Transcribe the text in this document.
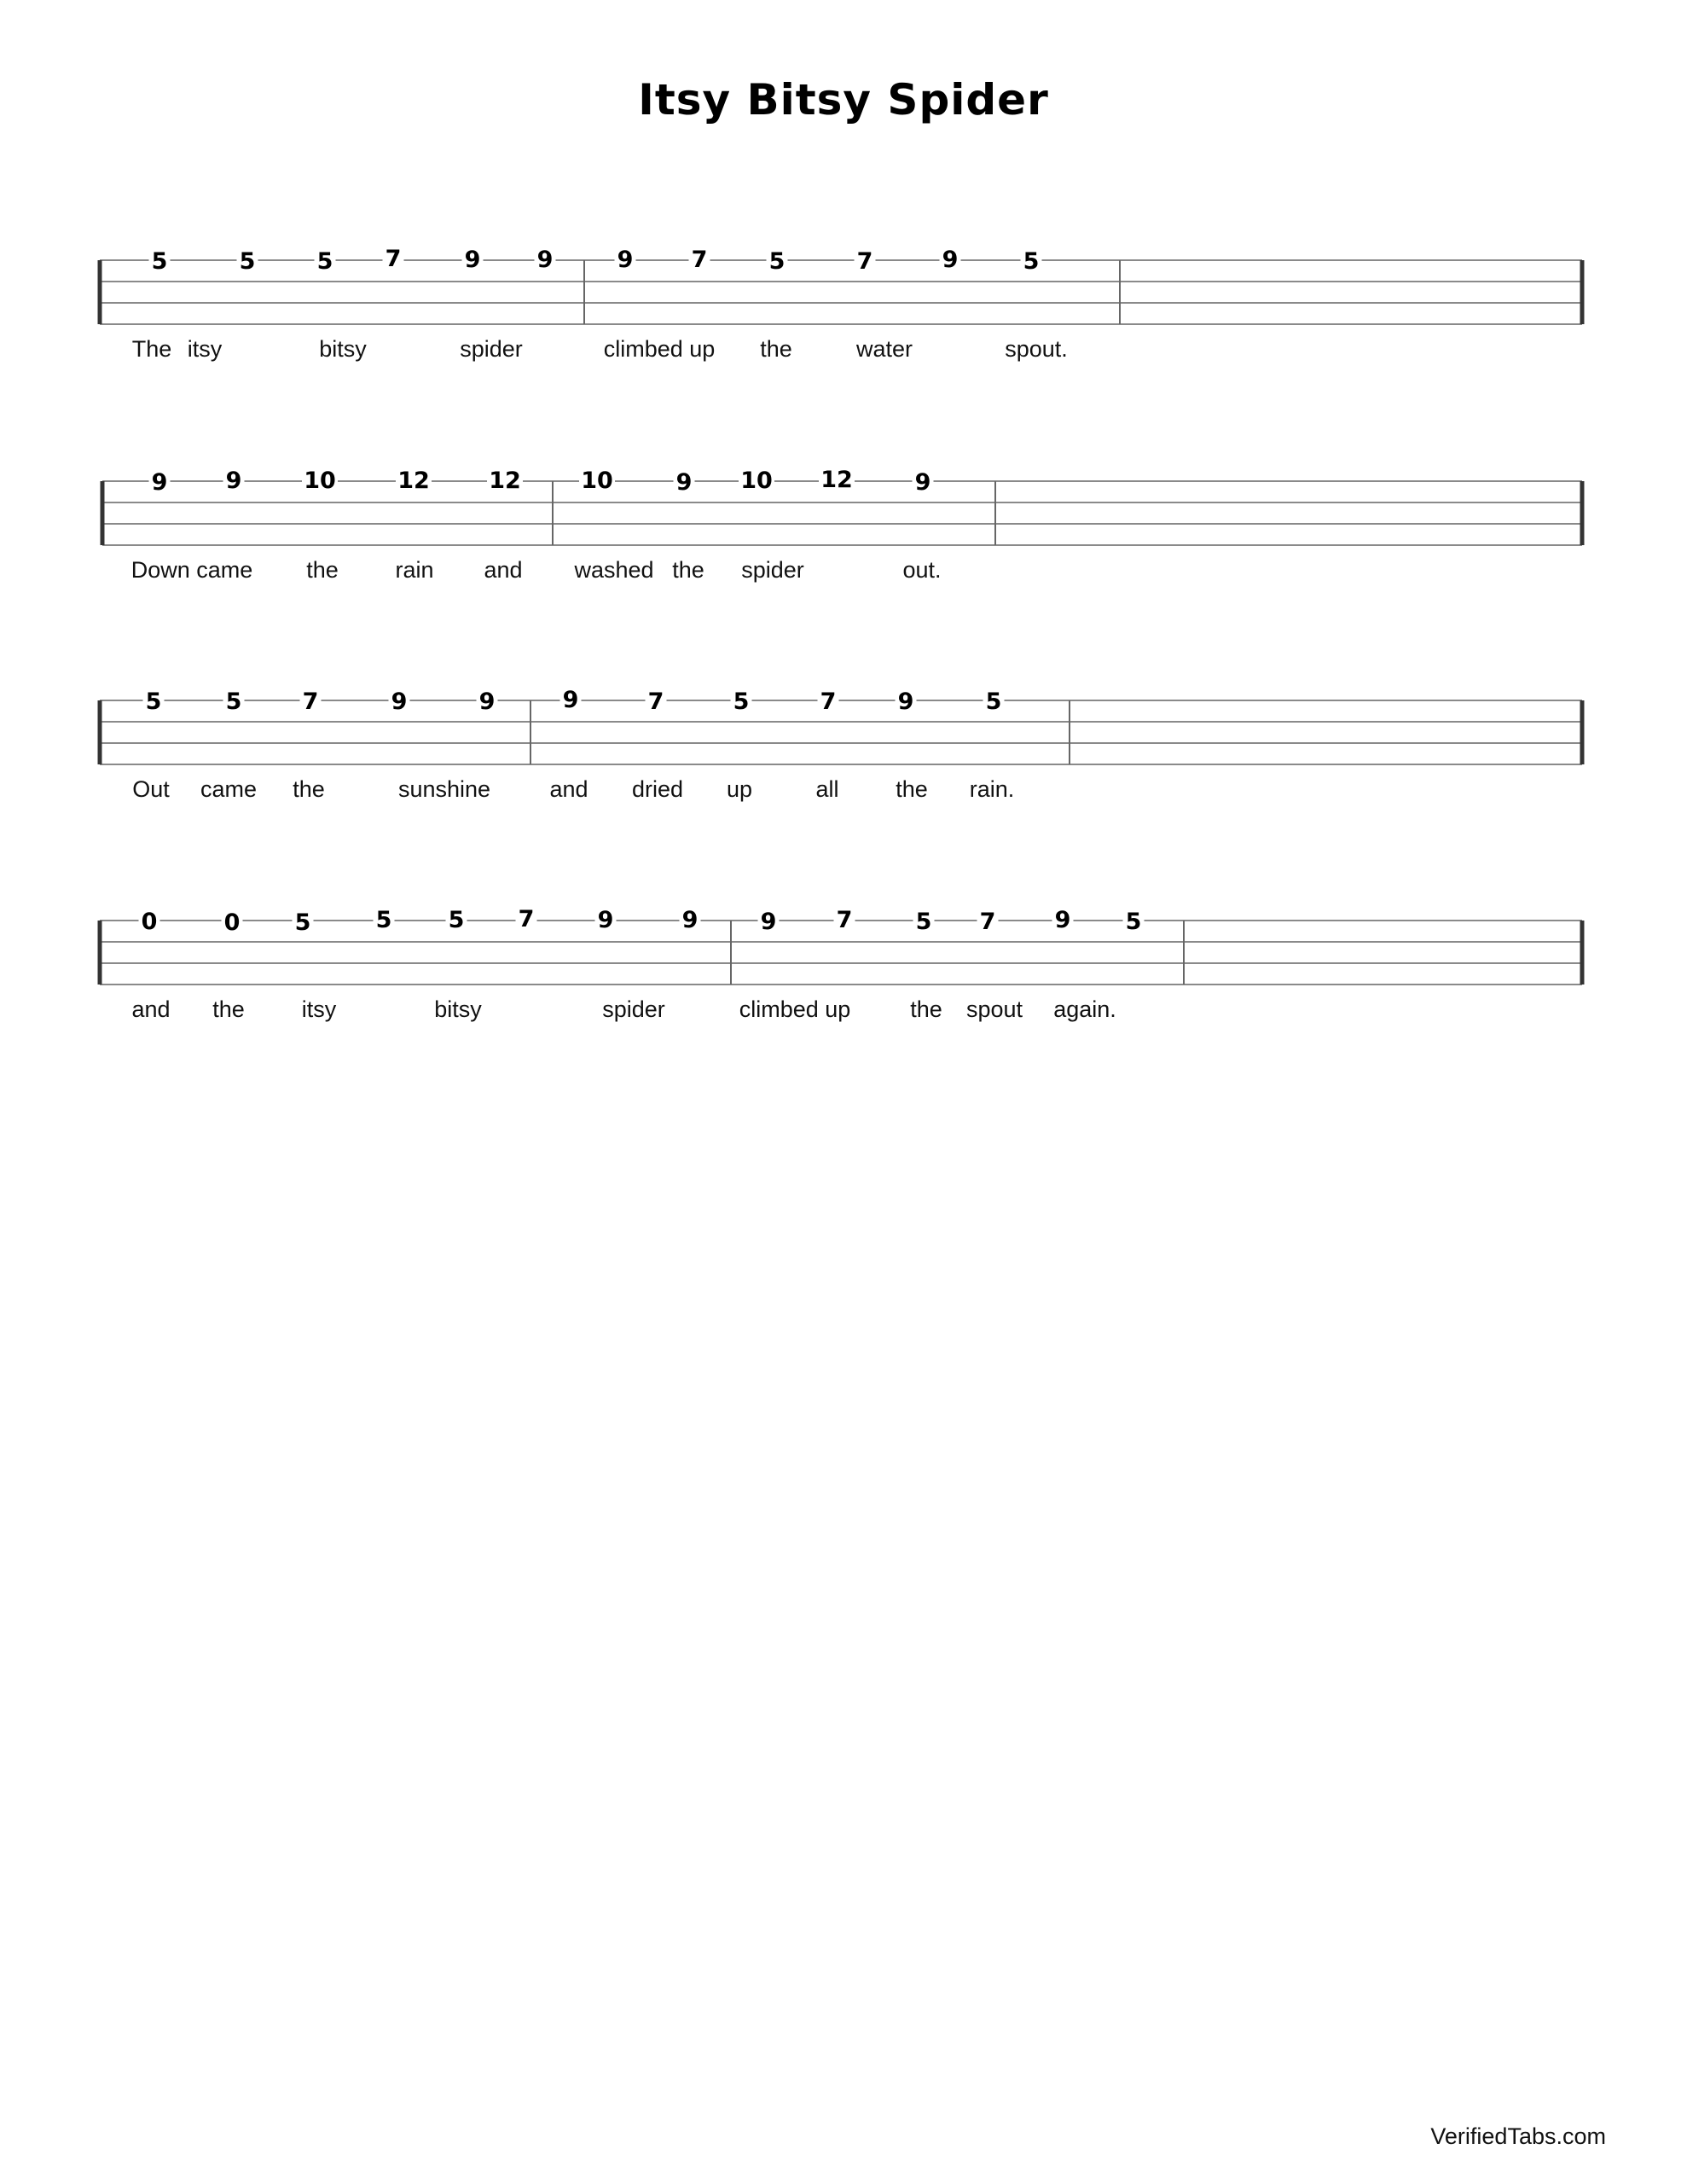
Itsy Bitsy Spider
5	5	5 7	9 9	9	7	5	7	9	5
The itsy	bitsy	spider	climbed up the	water	spout.
9	9	10	12	12	10	9 10 12	9
Down came the rain and washed the spider	out.
5	5	7	9	9	9	7	5	7	9	5
Out came the	sunshine	and dried up	all the rain.
0	0 5	5 5 7	9	9	9	7	5 7	9 5
and the itsy	bitsy	spider	climbed up	the spout again.
VerifiedTabs.com
